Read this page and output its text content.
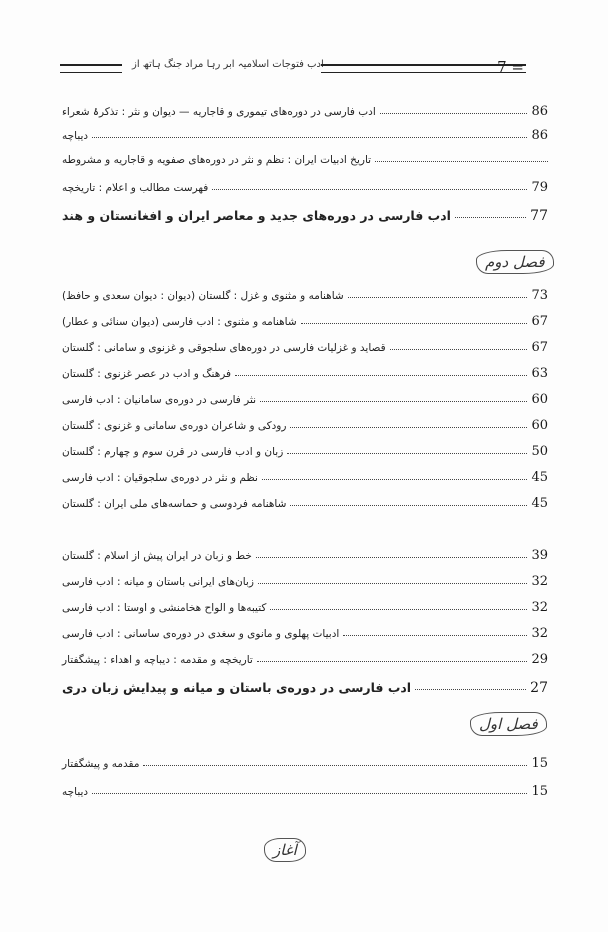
ادب فتوجات اسلامیہ ابر رہا مراد جنگ ہاتھ از	7 =
ادب فارسی در دوره‌های تیموری و قاجاریه — دیوان و نثر : تذکرۂ شعراء	86
دیباچه	86
تاریخ ادبیات ایران : نظم و نثر در دوره‌های صفویه و قاجاریه و مشروطه
فهرست مطالب و اعلام : تاریخچه	79
ادب فارسی در دوره‌های جدید و معاصر ایران و افغانستان و هند	77
(دیوان : دیوان سعدی و حافظ) شاهنامه و مثنوی و غزل : گلستان	73
(دیوان سنائی و عطار) شاهنامه و مثنوی : ادب فارسی	67
قصاید و غزلیات فارسی در دوره‌های سلجوقی و غزنوی و سامانی : گلستان	67
فرهنگ و ادب در عصر غزنوی : گلستان	63
نثر فارسی در دوره‌ی سامانیان : ادب فارسی	60
رودکی و شاعران دوره‌ی سامانی و غزنوی : گلستان	60
زبان و ادب فارسی در قرن سوم و چهارم : گلستان	50
نظم و نثر در دوره‌ی سلجوقیان : ادب فارسی	45
شاهنامه فردوسی و حماسه‌های ملی ایران : گلستان	45
خط و زبان در ایران پیش از اسلام : گلستان	39
زبان‌های ایرانی باستان و میانه : ادب فارسی	32
کتیبه‌ها و الواح هخامنشی و اوستا : ادب فارسی	32
ادبیات پهلوی و مانوی و سغدی در دوره‌ی ساسانی : ادب فارسی	32
تاریخچه و مقدمه : دیباچه و اهداء : پیشگفتار	29
ادب فارسی در دوره‌ی باستان و میانه و پیدایش زبان دری	27
مقدمه و پیشگفتار	15
دیباچه	15
فصل دوم
فصل اول
آغاز
